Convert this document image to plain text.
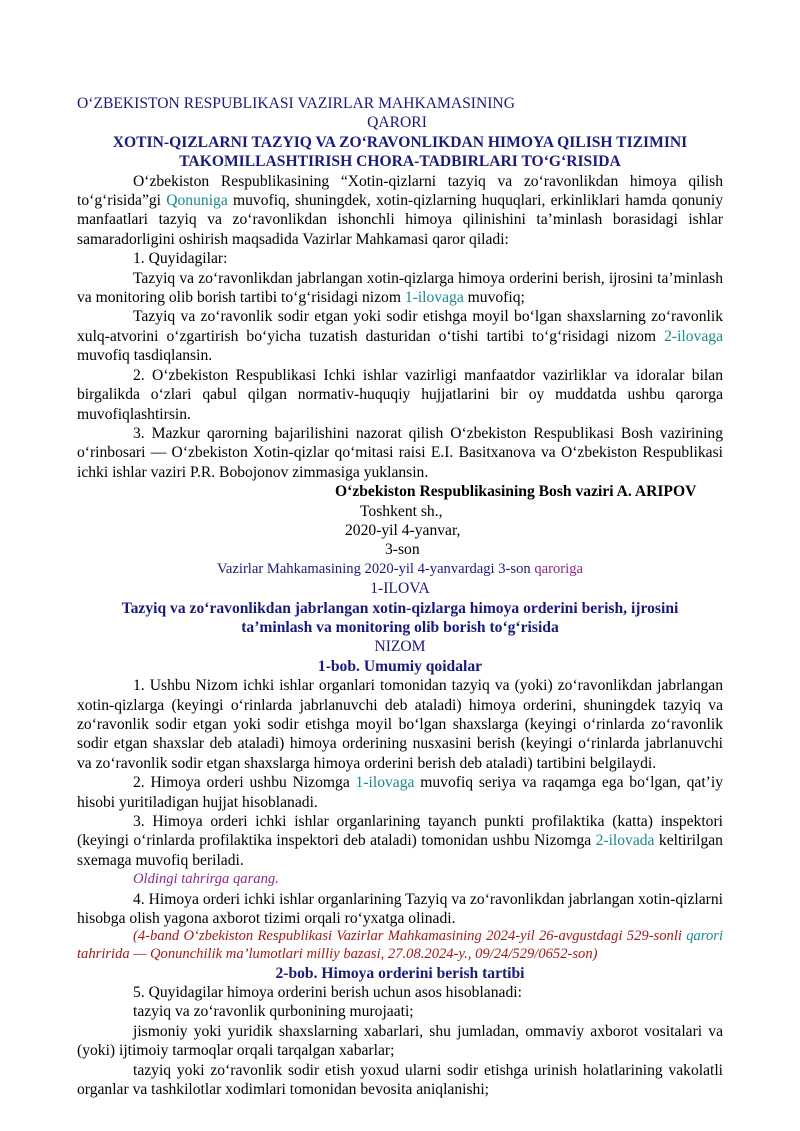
O‘ZBEKISTON RESPUBLIKASI VAZIRLAR MAHKAMASINING

QARORI

XOTIN-QIZLARNI TAZYIQ VA ZO‘RAVONLIKDAN HIMOYA QILISH TIZIMINI

TAKOMILLASHTIRISH CHORA-TADBIRLARI TO‘G‘RISIDA

O‘zbekiston Respublikasining “Xotin-qizlarni tazyiq va zo‘ravonlikdan himoya qilish to‘g‘risida”gi Qonuniga muvofiq, shuningdek, xotin-qizlarning huquqlari, erkinliklari hamda qonuniy manfaatlari tazyiq va zo‘ravonlikdan ishonchli himoya qilinishini ta’minlash borasidagi ishlar samaradorligini oshirish maqsadida Vazirlar Mahkamasi qaror qiladi:

1. Quyidagilar:

Tazyiq va zo‘ravonlikdan jabrlangan xotin-qizlarga himoya orderini berish, ijrosini ta’minlash va monitoring olib borish tartibi to‘g‘risidagi nizom 1-ilovaga muvofiq;

Tazyiq va zo‘ravonlik sodir etgan yoki sodir etishga moyil bo‘lgan shaxslarning zo‘ravonlik xulq-atvorini o‘zgartirish bo‘yicha tuzatish dasturidan o‘tishi tartibi to‘g‘risidagi nizom 2-ilovaga muvofiq tasdiqlansin.

2. O‘zbekiston Respublikasi Ichki ishlar vazirligi manfaatdor vazirliklar va idoralar bilan birgalikda o‘zlari qabul qilgan normativ-huquqiy hujjatlarini bir oy muddatda ushbu qarorga muvofiqlashtirsin.

3. Mazkur qarorning bajarilishini nazorat qilish O‘zbekiston Respublikasi Bosh vazirining o‘rinbosari — O‘zbekiston Xotin-qizlar qo‘mitasi raisi E.I. Basitxanova va O‘zbekiston Respublikasi ichki ishlar vaziri P.R. Bobojonov zimmasiga yuklansin.

O‘zbekiston Respublikasining Bosh vaziri A. ARIPOV

Toshkent sh.,

2020-yil 4-yanvar,

3-son

Vazirlar Mahkamasining 2020-yil 4-yanvardagi 3-son qaroriga

1-ILOVA

Tazyiq va zo‘ravonlikdan jabrlangan xotin-qizlarga himoya orderini berish, ijrosini

ta’minlash va monitoring olib borish to‘g‘risida

NIZOM

1-bob. Umumiy qoidalar

1. Ushbu Nizom ichki ishlar organlari tomonidan tazyiq va (yoki) zo‘ravonlikdan jabrlangan xotin-qizlarga (keyingi o‘rinlarda jabrlanuvchi deb ataladi) himoya orderini, shuningdek tazyiq va zo‘ravonlik sodir etgan yoki sodir etishga moyil bo‘lgan shaxslarga (keyingi o‘rinlarda zo‘ravonlik sodir etgan shaxslar deb ataladi) himoya orderining nusxasini berish (keyingi o‘rinlarda jabrlanuvchi va zo‘ravonlik sodir etgan shaxslarga himoya orderini berish deb ataladi) tartibini belgilaydi.

2. Himoya orderi ushbu Nizomga 1-ilovaga muvofiq seriya va raqamga ega bo‘lgan, qat’iy hisobi yuritiladigan hujjat hisoblanadi.

3. Himoya orderi ichki ishlar organlarining tayanch punkti profilaktika (katta) inspektori (keyingi o‘rinlarda profilaktika inspektori deb ataladi) tomonidan ushbu Nizomga 2-ilovada keltirilgan sxemaga muvofiq beriladi.

Oldingi tahrirga qarang.

4. Himoya orderi ichki ishlar organlarining Tazyiq va zo‘ravonlikdan jabrlangan xotin-qizlarni hisobga olish yagona axborot tizimi orqali ro‘yxatga olinadi.

(4-band O‘zbekiston Respublikasi Vazirlar Mahkamasining 2024-yil 26-avgustdagi 529-sonli qarori tahririda — Qonunchilik ma’lumotlari milliy bazasi, 27.08.2024-y., 09/24/529/0652-son)

2-bob. Himoya orderini berish tartibi

5. Quyidagilar himoya orderini berish uchun asos hisoblanadi:

tazyiq va zo‘ravonlik qurbonining murojaati;

jismoniy yoki yuridik shaxslarning xabarlari, shu jumladan, ommaviy axborot vositalari va (yoki) ijtimoiy tarmoqlar orqali tarqalgan xabarlar;

tazyiq yoki zo‘ravonlik sodir etish yoxud ularni sodir etishga urinish holatlarining vakolatli organlar va tashkilotlar xodimlari tomonidan bevosita aniqlanishi;
